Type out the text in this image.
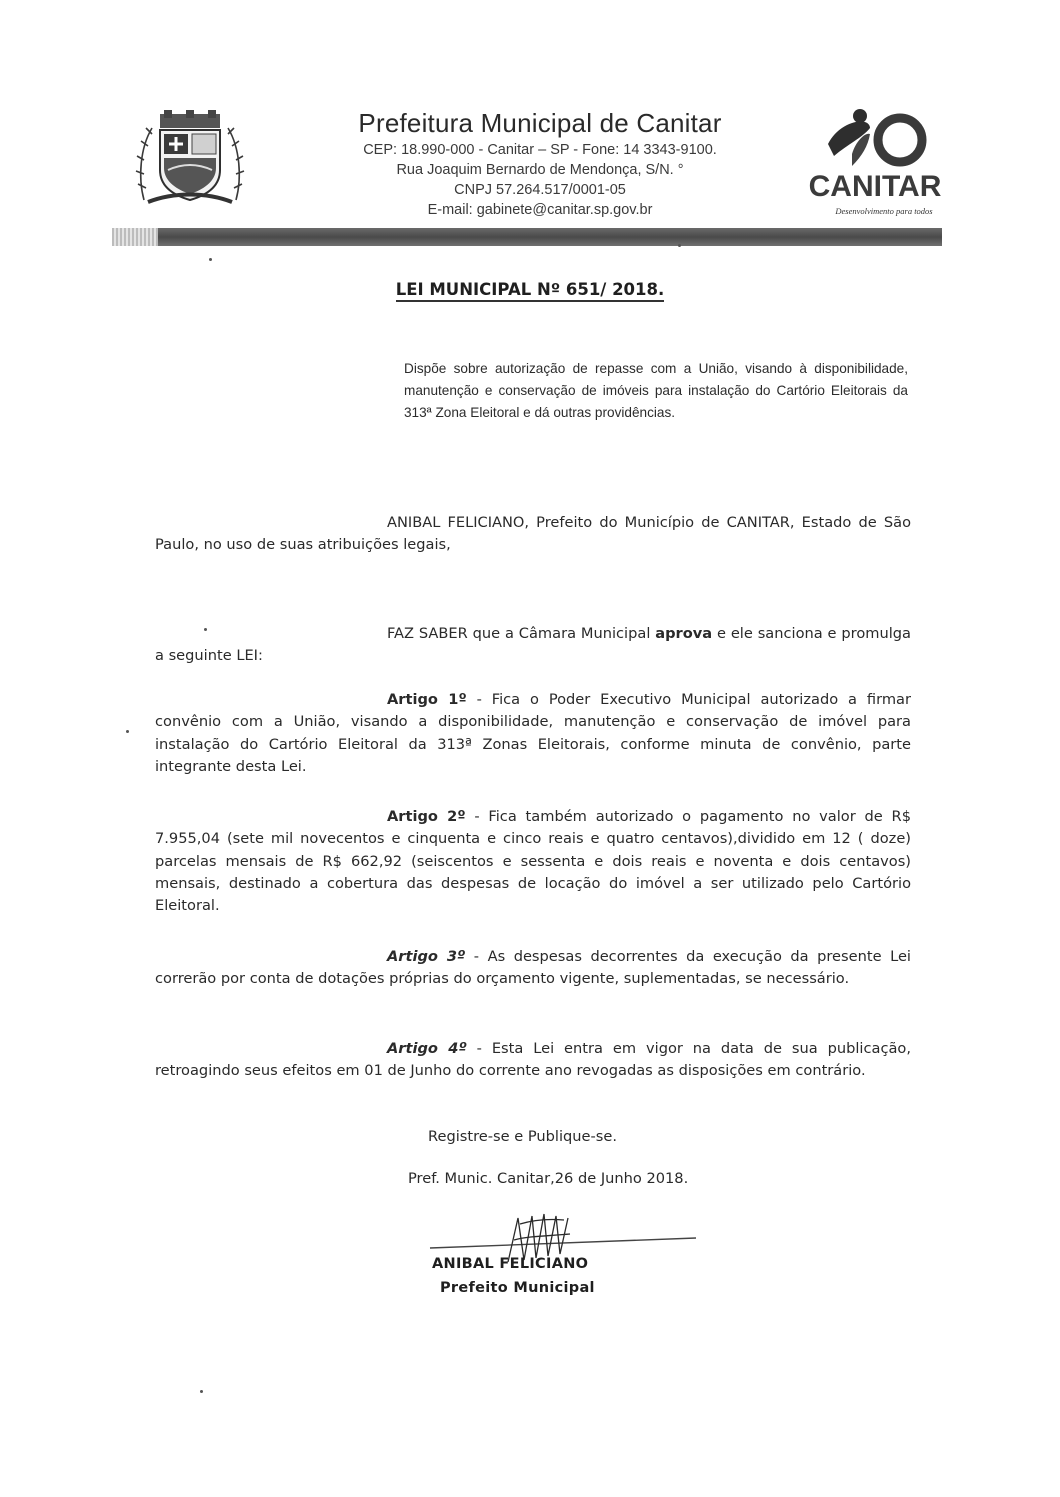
Prefeitura Municipal de Canitar
CEP: 18.990-000 - Canitar – SP - Fone: 14 3343-9100.
Rua Joaquim Bernardo de Mendonça, S/N. °
CNPJ 57.264.517/0001-05
E-mail: gabinete@canitar.sp.gov.br
CANITAR
Desenvolvimento para todos
LEI MUNICIPAL Nº 651/ 2018.
Dispõe sobre autorização de repasse com a União, visando à disponibilidade, manutenção e conservação de imóveis para instalação do Cartório Eleitorais da 313ª Zona Eleitoral e dá outras providências.
ANIBAL FELICIANO, Prefeito do Município de CANITAR, Estado de São Paulo, no uso de suas atribuições legais,
FAZ SABER que a Câmara Municipal aprova e ele sanciona e promulga a seguinte LEI:
Artigo 1º - Fica o Poder Executivo Municipal autorizado a firmar convênio com a União, visando a disponibilidade, manutenção e conservação de imóvel para instalação do Cartório Eleitoral da 313ª Zonas Eleitorais, conforme minuta de convênio, parte integrante desta Lei.
Artigo 2º - Fica também autorizado o pagamento no valor de R$ 7.955,04 (sete mil novecentos e cinquenta e cinco reais e quatro centavos),dividido em 12 ( doze) parcelas mensais de R$ 662,92 (seiscentos e sessenta e dois reais e noventa e dois centavos) mensais, destinado a cobertura das despesas de locação do imóvel a ser utilizado pelo Cartório Eleitoral.
Artigo 3º - As despesas decorrentes da execução da presente Lei correrão por conta de dotações próprias do orçamento vigente, suplementadas, se necessário.
Artigo 4º - Esta Lei entra em vigor na data de sua publicação, retroagindo seus efeitos em 01 de Junho do corrente ano revogadas as disposições em contrário.
Registre-se e Publique-se.
Pref. Munic. Canitar,26 de Junho 2018.
ANIBAL FELICIANO
Prefeito Municipal
